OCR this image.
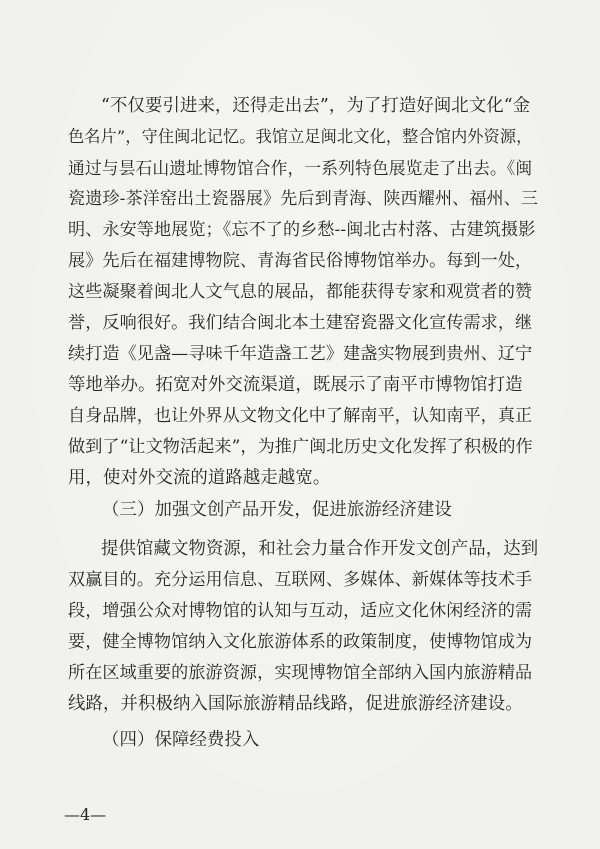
“不仅要引进来，还得走出去”，为了打造好闽北文化“金
色名片”，守住闽北记忆。我馆立足闽北文化，整合馆内外资源，
通过与昙石山遗址博物馆合作，一系列特色展览走了出去。《闽
瓷遗珍-茶洋窑出土瓷器展》先后到青海、陕西耀州、福州、三
明、永安等地展览；《忘不了的乡愁--闽北古村落、古建筑摄影
展》先后在福建博物院、青海省民俗博物馆举办。每到一处，
这些凝聚着闽北人文气息的展品，都能获得专家和观赏者的赞
誉，反响很好。我们结合闽北本土建窑瓷器文化宣传需求，继
续打造《见盏—寻味千年造盏工艺》建盏实物展到贵州、辽宁
等地举办。拓宽对外交流渠道，既展示了南平市博物馆打造
自身品牌，也让外界从文物文化中了解南平，认知南平，真正
做到了“让文物活起来”，为推广闽北历史文化发挥了积极的作
用，使对外交流的道路越走越宽。
（三）加强文创产品开发，促进旅游经济建设
提供馆藏文物资源，和社会力量合作开发文创产品，达到
双赢目的。充分运用信息、互联网、多媒体、新媒体等技术手
段，增强公众对博物馆的认知与互动，适应文化休闲经济的需
要，健全博物馆纳入文化旅游体系的政策制度，使博物馆成为
所在区域重要的旅游资源，实现博物馆全部纳入国内旅游精品
线路，并积极纳入国际旅游精品线路，促进旅游经济建设。
（四）保障经费投入
—4—
